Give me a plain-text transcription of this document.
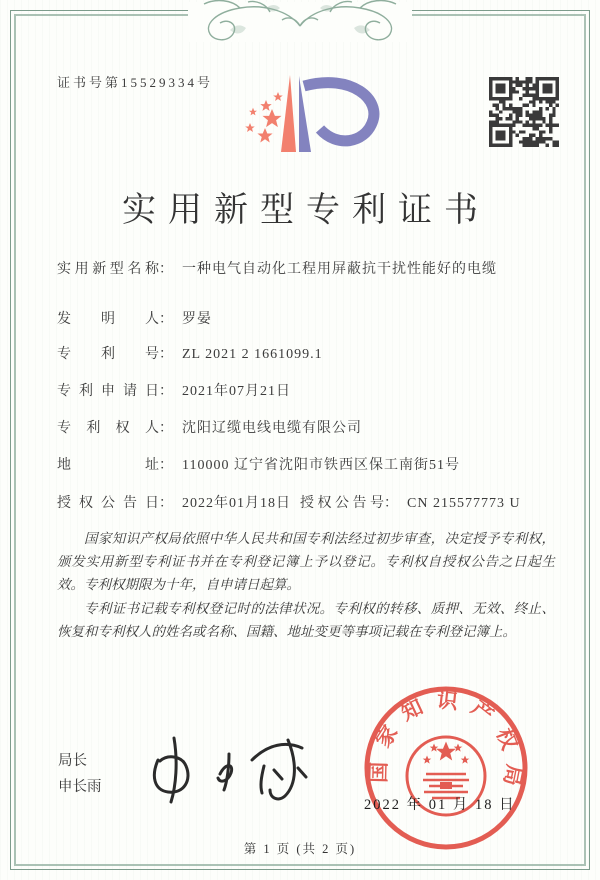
证书号第15529334号
实用新型专利证书
实用新型名称： 一种电气自动化工程用屏蔽抗干扰性能好的电缆
发明人： 罗晏
专利号： ZL 2021 2 1661099.1
专利申请日： 2021年07月21日
专利权人： 沈阳辽缆电线电缆有限公司
地址： 110000 辽宁省沈阳市铁西区保工南街51号
授权公告日： 2022年01月18日 授权公告号： CN 215577773 U

国家知识产权局依照中华人民共和国专利法经过初步审查，决定授予专利权，颁发实用新型专利证书并在专利登记簿上予以登记。专利权自授权公告之日起生效。专利权期限为十年，自申请日起算。

专利证书记载专利权登记时的法律状况。专利权的转移、质押、无效、终止、恢复和专利权人的姓名或名称、国籍、地址变更等事项记载在专利登记簿上。

局长
申长雨
国家知识产权局
2022 年 01 月 18 日
第 1 页 (共 2 页)
